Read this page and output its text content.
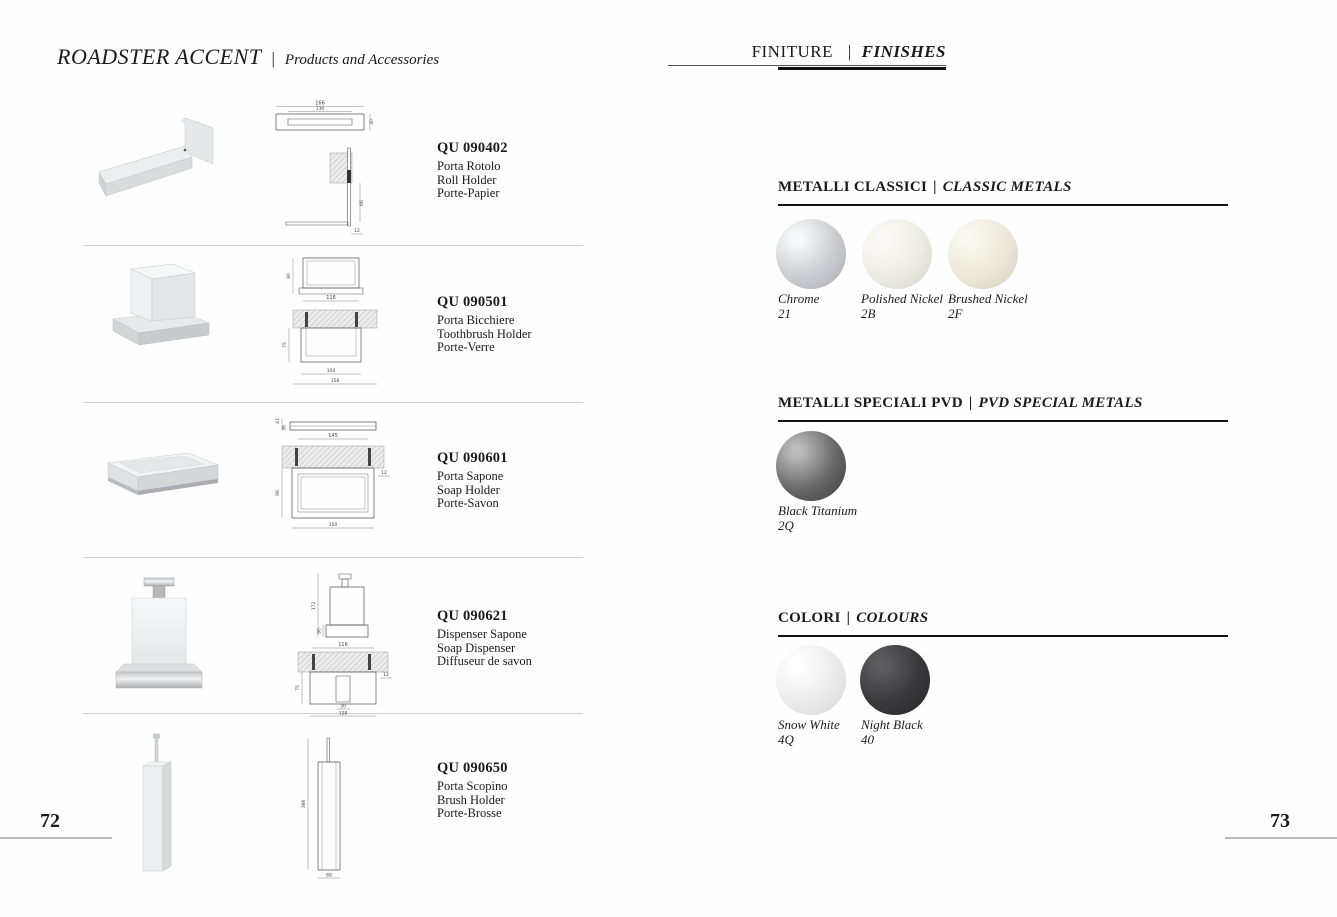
ROADSTER ACCENT | Products and Accessories
166
130
30
66
12
QU 090402
Porta Rotolo
Roll Holder
Porte-Papier
90
116
75
104
158
QU 090501
Porta Bicchiere
Toothbrush Holder
Porte-Verre
41
36
145
96
12
150
QU 090601
Porta Sapone
Soap Holder
Porte-Savon
172
90
116
12
75
30
128
QU 090621
Dispenser Sapone
Soap Dispenser
Diffuseur de savon
366
88
QU 090650
Porta Scopino
Brush Holder
Porte-Brosse
72
FINITURE | FINISHES
METALLI CLASSICI | CLASSIC METALS
Chrome
21
Polished Nickel
2B
Brushed Nickel
2F
METALLI SPECIALI PVD | PVD SPECIAL METALS
Black Titanium
2Q
COLORI | COLOURS
Snow White
4Q
Night Black
40
73
